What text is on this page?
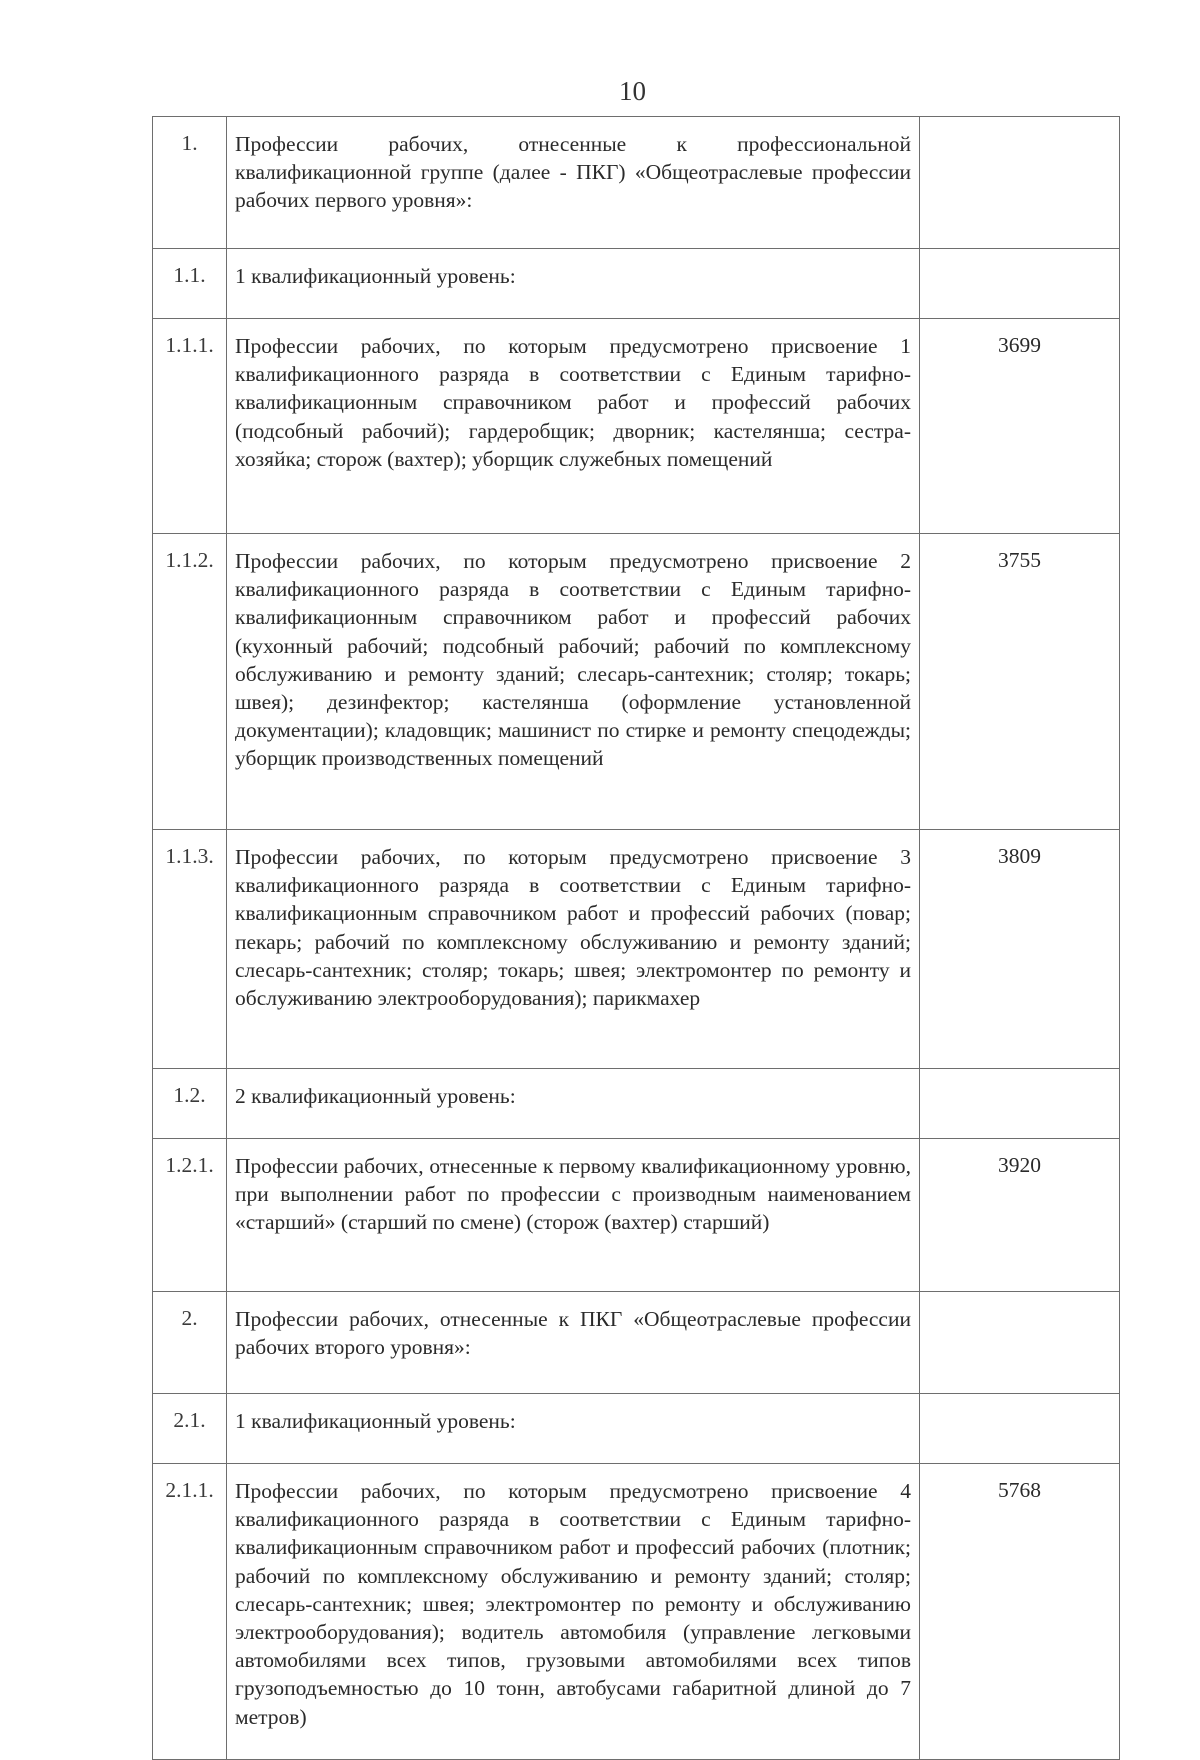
10
1.	Профессии рабочих, отнесенные к профессиональной квалификационной группе (далее - ПКГ) «Общеотраслевые профессии рабочих первого уровня»:	

1.1.	1 квалификационный уровень:	

1.1.1.	Профессии рабочих, по которым предусмотрено присвоение 1 квалификационного разряда в соответствии с Единым тарифно-квалификационным справочником работ и профессий рабочих (подсобный рабочий); гардеробщик; дворник; кастелянша; сестра-хозяйка; сторож (вахтер); уборщик служебных помещений	3699
1.1.2.	Профессии рабочих, по которым предусмотрено присвоение 2 квалификационного разряда в соответствии с Единым тарифно-квалификационным справочником работ и профессий рабочих (кухонный рабочий; подсобный рабочий; рабочий по комплексному обслуживанию и ремонту зданий; слесарь-сантехник; столяр; токарь; швея); дезинфектор; кастелянша (оформление установленной документации); кладовщик; машинист по стирке и ремонту спецодежды; уборщик производственных помещений	3755
1.1.3.	Профессии рабочих, по которым предусмотрено присвоение 3 квалификационного разряда в соответствии с Единым тарифно-квалификационным справочником работ и профессий рабочих (повар; пекарь; рабочий по комплексному обслуживанию и ремонту зданий; слесарь-сантехник; столяр; токарь; швея; электромонтер по ремонту и обслуживанию электрооборудования); парикмахер	3809
1.2.	2 квалификационный уровень:	

1.2.1.	Профессии рабочих, отнесенные к первому квалификационному уровню, при выполнении работ по профессии с производным наименованием «старший» (старший по смене) (сторож (вахтер) старший)	3920
2.	Профессии рабочих, отнесенные к ПКГ «Общеотраслевые профессии рабочих второго уровня»:	

2.1.	1 квалификационный уровень:	

2.1.1.	Профессии рабочих, по которым предусмотрено присвоение 4 квалификационного разряда в соответствии с Единым тарифно-квалификационным справочником работ и профессий рабочих (плотник; рабочий по комплексному обслуживанию и ремонту зданий; столяр; слесарь-сантехник; швея; электромонтер по ремонту и обслуживанию электрооборудования); водитель автомобиля (управление легковыми автомобилями всех типов, грузовыми автомобилями всех типов грузоподъемностью до 10 тонн, автобусами габаритной длиной до 7 метров)	5768
